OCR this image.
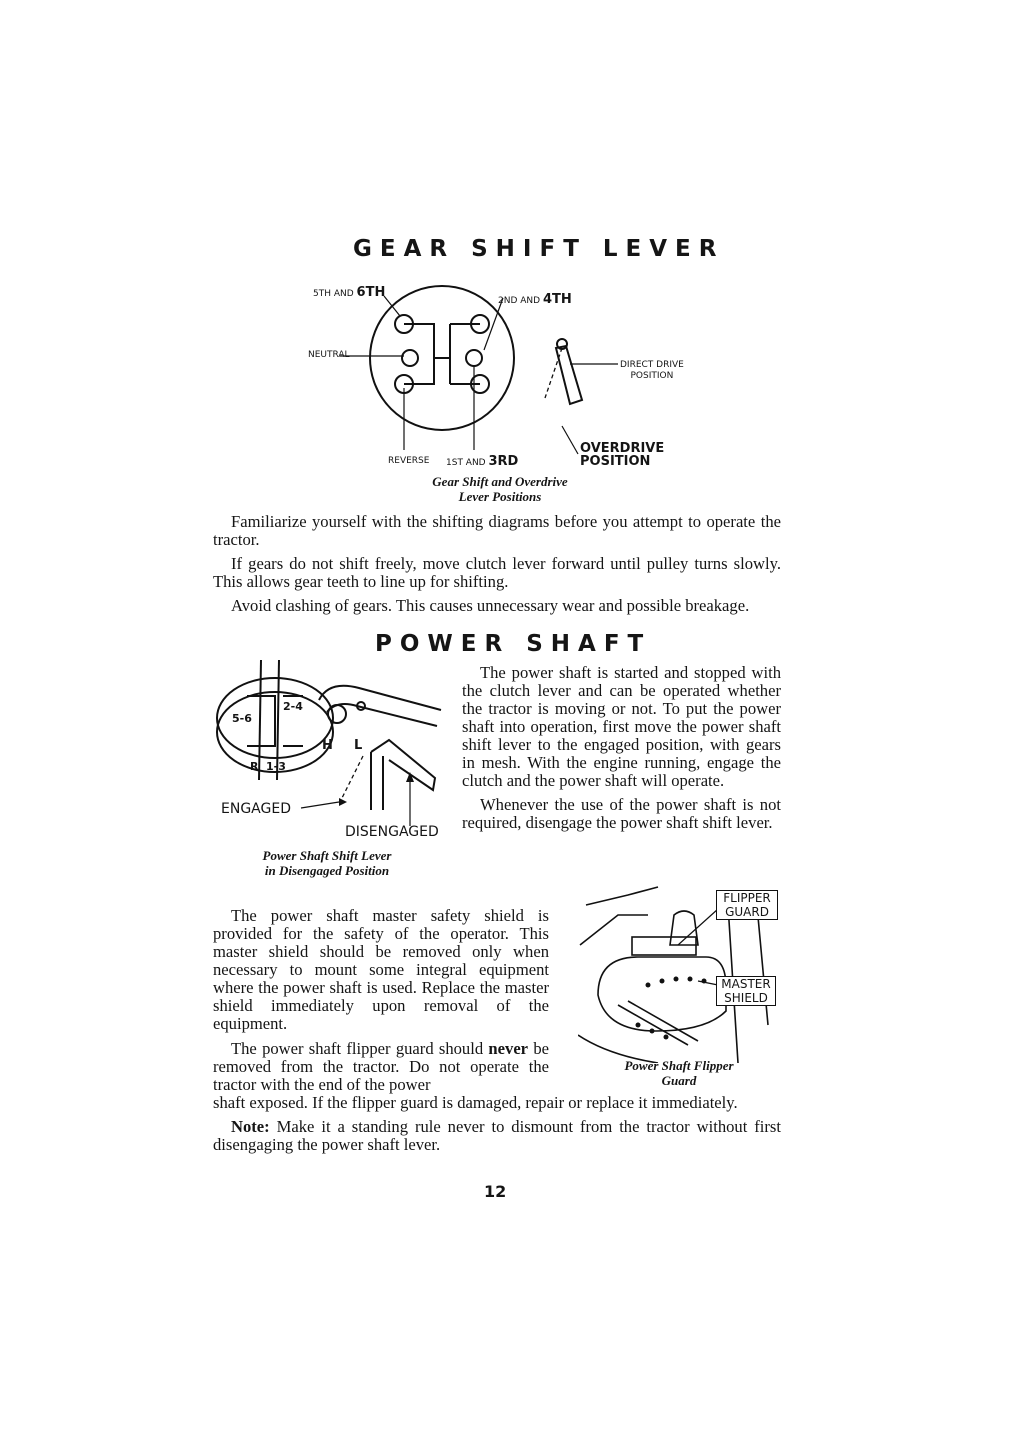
GEAR SHIFT LEVER
5TH AND 6TH
2ND AND 4TH
NEUTRAL
DIRECT DRIVE
POSITION
REVERSE 1ST AND 3RD
OVERDRIVE
POSITION
Gear Shift and Overdrive
Lever Positions

Familiarize yourself with the shifting diagrams before you attempt to operate the tractor.

If gears do not shift freely, move clutch lever forward until pulley turns slowly. This allows gear teeth to line up for shifting.

Avoid clashing of gears. This causes unnecessary wear and possible breakage.

POWER SHAFT
5-6
2-4
R 1-3
H L
ENGAGED
DISENGAGED
Power Shaft Shift Lever
in Disengaged Position

The power shaft is started and stopped with the clutch lever and can be operated whether the tractor is moving or not. To put the power shaft into operation, first move the power shaft shift lever to the engaged position, with gears in mesh. With the engine running, engage the clutch and the power shaft will operate.

Whenever the use of the power shaft is not required, disengage the power shaft shift lever.

FLIPPER
GUARD
MASTER
SHIELD
Power Shaft Flipper
Guard

The power shaft master safety shield is provided for the safety of the operator. This master shield should be removed only when necessary to mount some integral equipment where the power shaft is used. Replace the master shield immediately upon removal of the equipment.

The power shaft flipper guard should never be removed from the tractor. Do not operate the tractor with the end of the power

shaft exposed. If the flipper guard is damaged, repair or replace it immediately.

Note: Make it a standing rule never to dismount from the tractor without first disengaging the power shaft lever.

12
